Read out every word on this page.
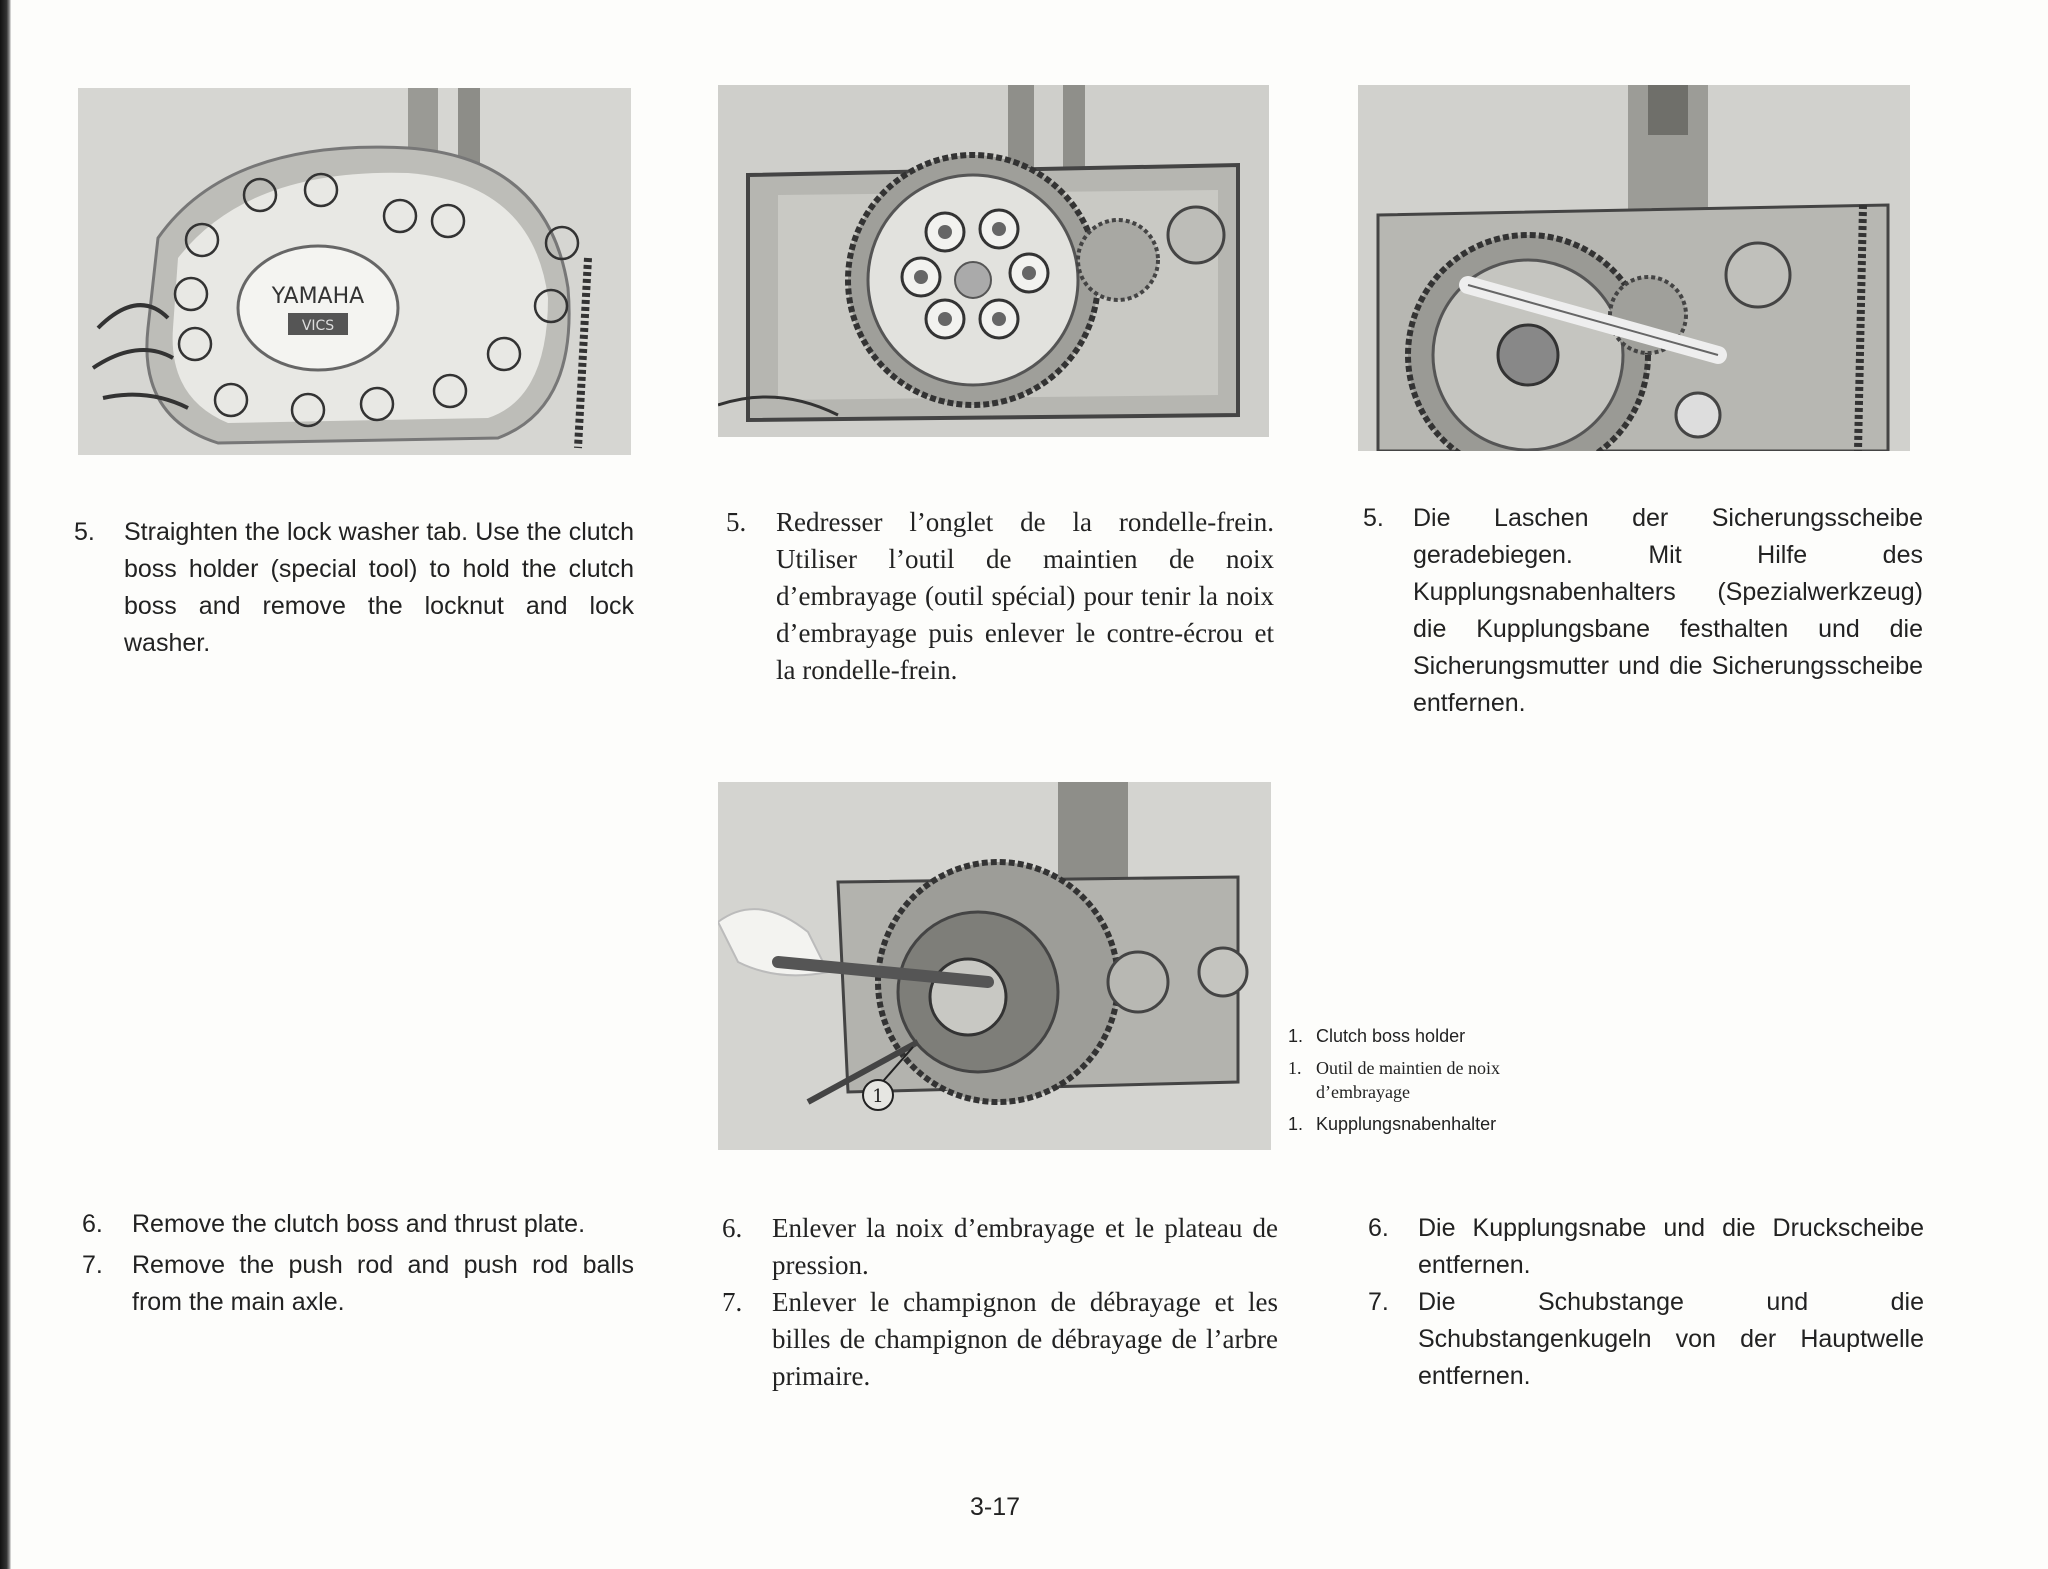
YAMAHA
VICS
1
5.	Straighten the lock washer tab. Use the clutch boss holder (special tool) to hold the clutch boss and remove the locknut and lock washer.
5.	Redresser l’onglet de la rondelle-frein. Utiliser l’outil de maintien de noix d’embrayage (outil spécial) pour tenir la noix d’embrayage puis enlever le contre-écrou et la rondelle-frein.
5.	Die Laschen der Sicherungsscheibe geradebiegen. Mit Hilfe des Kupplungsnabenhalters (Spezialwerkzeug) die Kupplungsbane festhalten und die Sicherungsmutter und die Sicherungsscheibe entfernen.
1. Clutch boss holder
1. Outil de maintien de noix d’embrayage
1. Kupplungsnabenhalter
6.	Remove the clutch boss and thrust plate.
7.	Remove the push rod and push rod balls from the main axle.
6.	Enlever la noix d’embrayage et le plateau de pression.
7.	Enlever le champignon de débrayage et les billes de champignon de débrayage de l’arbre primaire.
6.	Die Kupplungsnabe und die Druckscheibe entfernen.
7.	Die Schubstange und die Schubstangenkugeln von der Hauptwelle entfernen.
3-17
